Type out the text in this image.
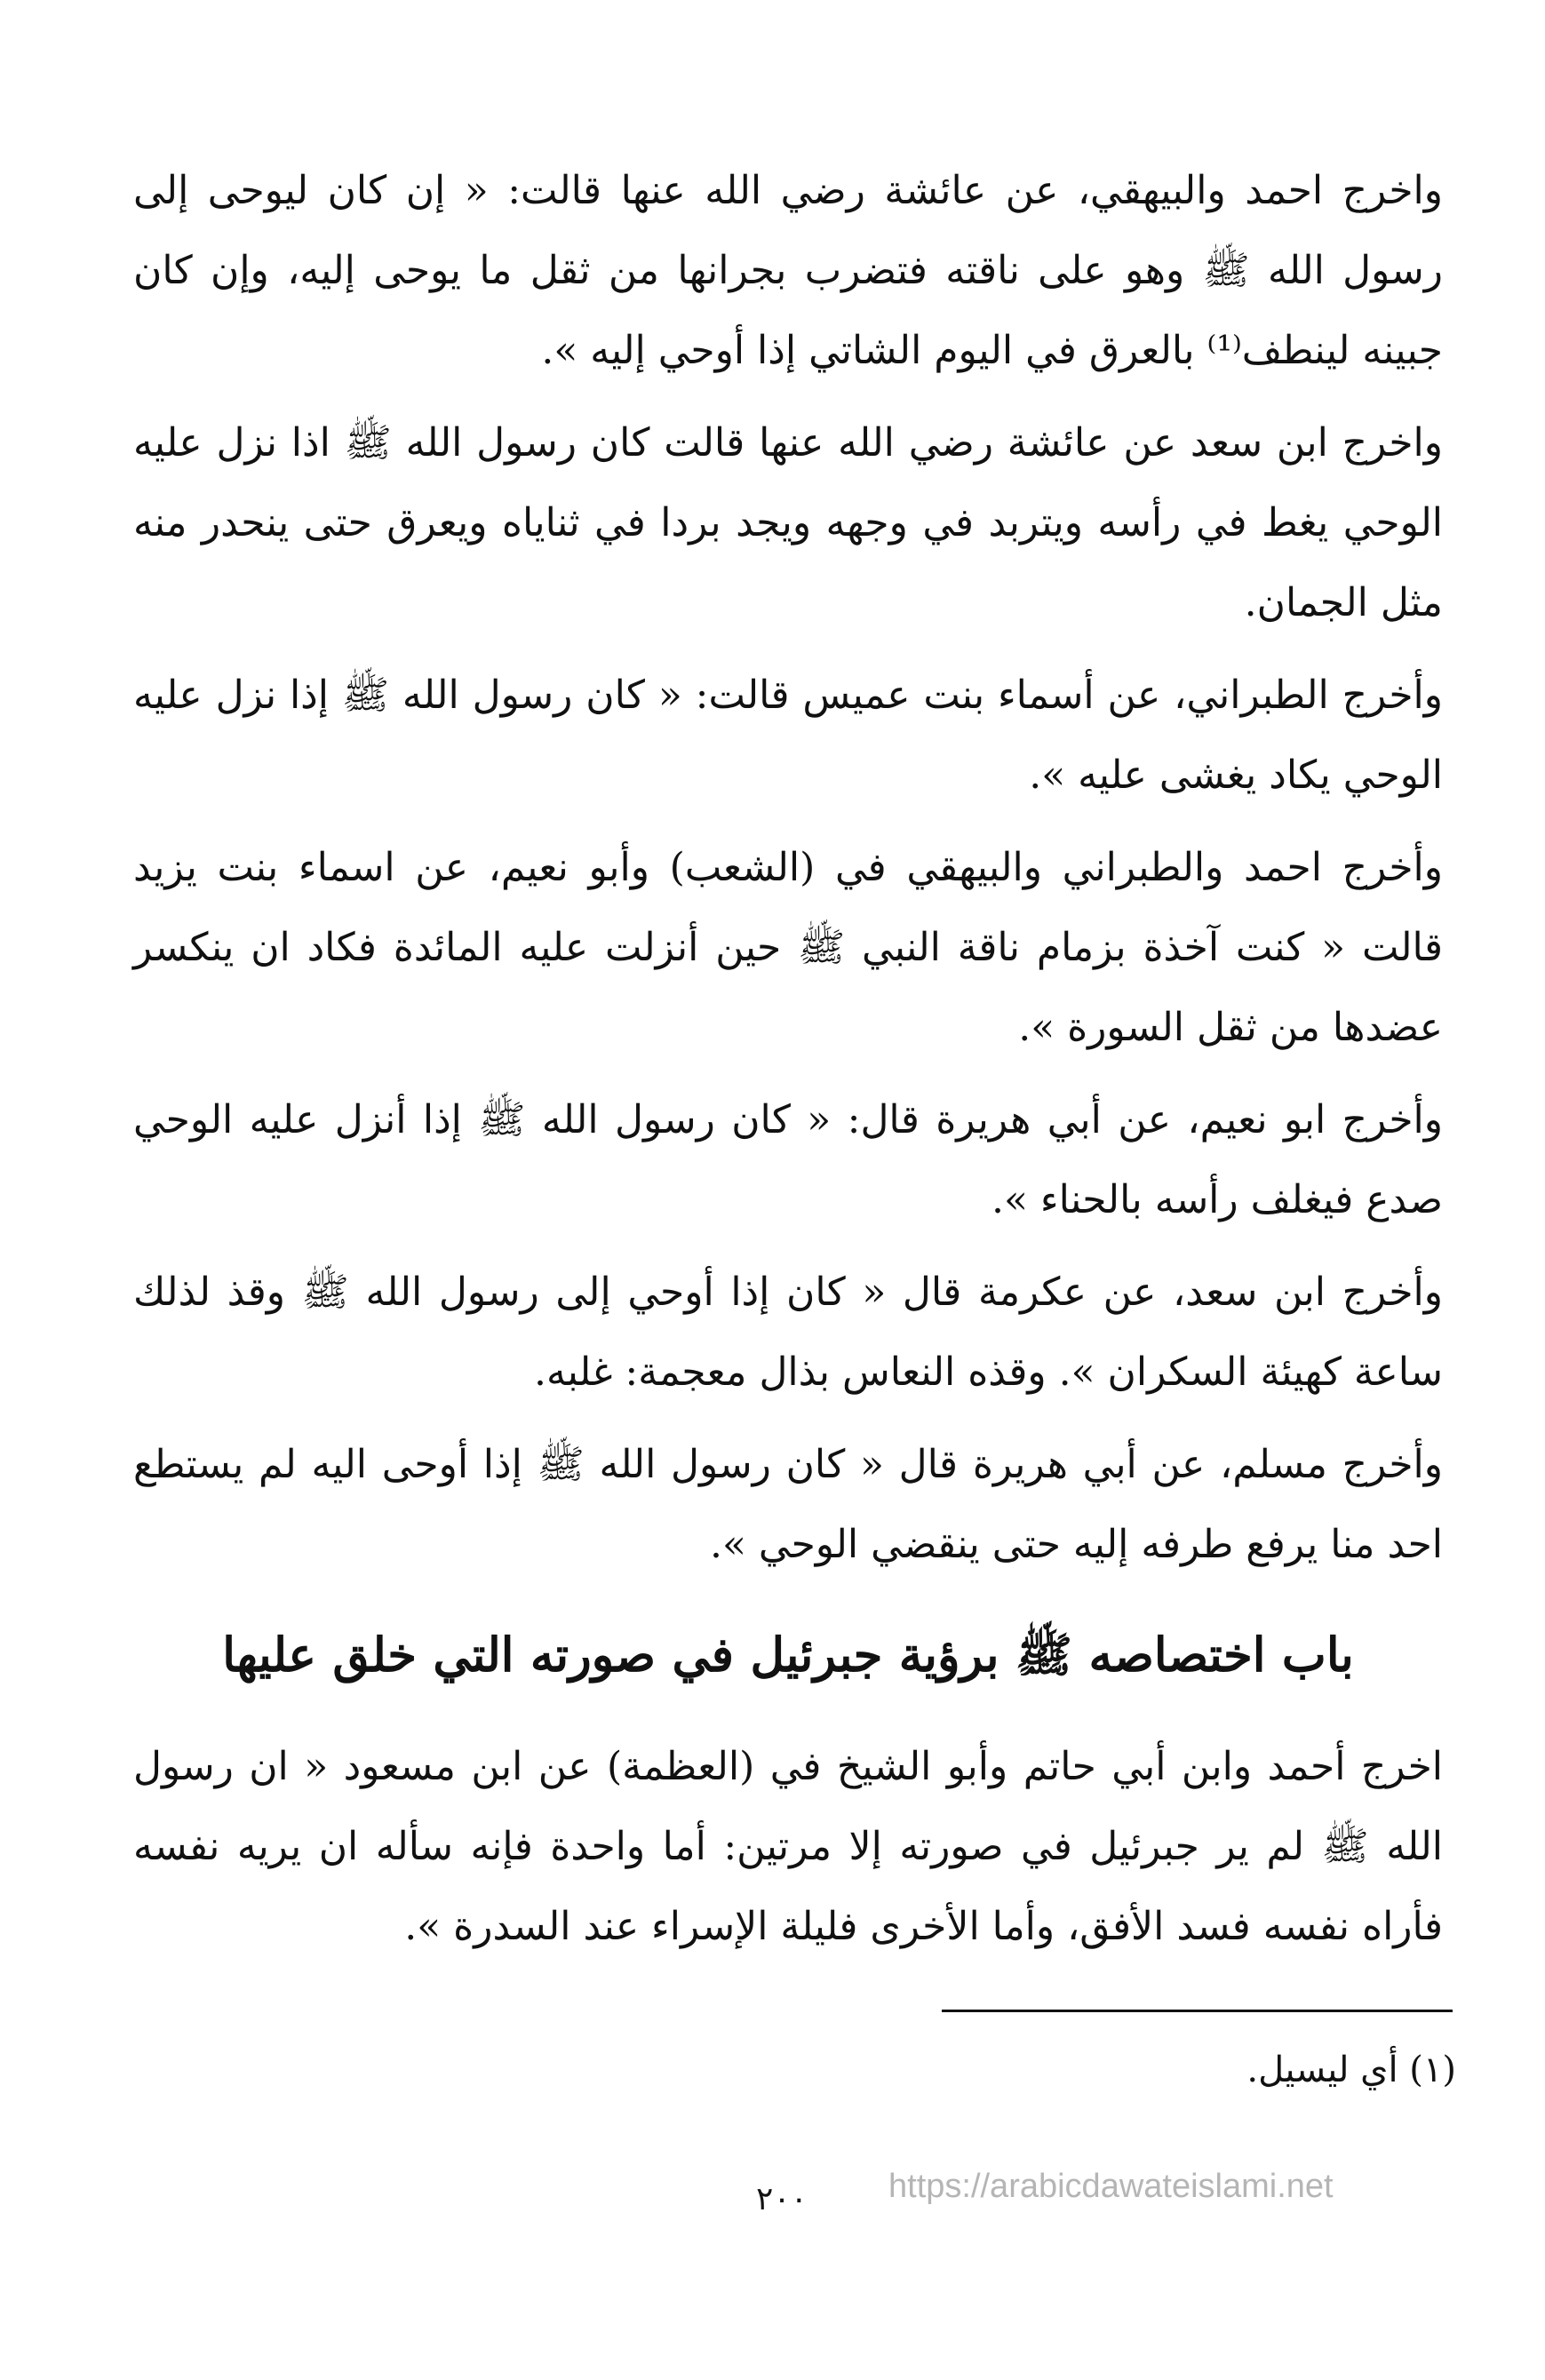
واخرج احمد والبيهقي، عن عائشة رضي الله عنها قالت: « إن كان ليوحى إلى رسول الله ﷺ وهو على ناقته فتضرب بجرانها من ثقل ما يوحى إليه، وإن كان جبينه لينطف⁽¹⁾ بالعرق في اليوم الشاتي إذا أوحي إليه ».

واخرج ابن سعد عن عائشة رضي الله عنها قالت كان رسول الله ﷺ اذا نزل عليه الوحي يغط في رأسه ويتربد في وجهه ويجد بردا في ثناياه ويعرق حتى ينحدر منه مثل الجمان.

وأخرج الطبراني، عن أسماء بنت عميس قالت: « كان رسول الله ﷺ إذا نزل عليه الوحي يكاد يغشى عليه ».

وأخرج احمد والطبراني والبيهقي في (الشعب) وأبو نعيم، عن اسماء بنت يزيد قالت « كنت آخذة بزمام ناقة النبي ﷺ حين أنزلت عليه المائدة فكاد ان ينكسر عضدها من ثقل السورة ».

وأخرج ابو نعيم، عن أبي هريرة قال: « كان رسول الله ﷺ إذا أنزل عليه الوحي صدع فيغلف رأسه بالحناء ».

وأخرج ابن سعد، عن عكرمة قال « كان إذا أوحي إلى رسول الله ﷺ وقذ لذلك ساعة كهيئة السكران ». وقذه النعاس بذال معجمة: غلبه.

وأخرج مسلم، عن أبي هريرة قال « كان رسول الله ﷺ إذا أوحى اليه لم يستطع احد منا يرفع طرفه إليه حتى ينقضي الوحي ».

باب اختصاصه ﷺ برؤية جبرئيل في صورته التي خلق عليها

اخرج أحمد وابن أبي حاتم وأبو الشيخ في (العظمة) عن ابن مسعود « ان رسول الله ﷺ لم ير جبرئيل في صورته إلا مرتين: أما واحدة فإنه سأله ان يريه نفسه فأراه نفسه فسد الأفق، وأما الأخرى فليلة الإسراء عند السدرة ».

(١) أي ليسيل.
٢٠٠	https://arabicdawateislami.net
